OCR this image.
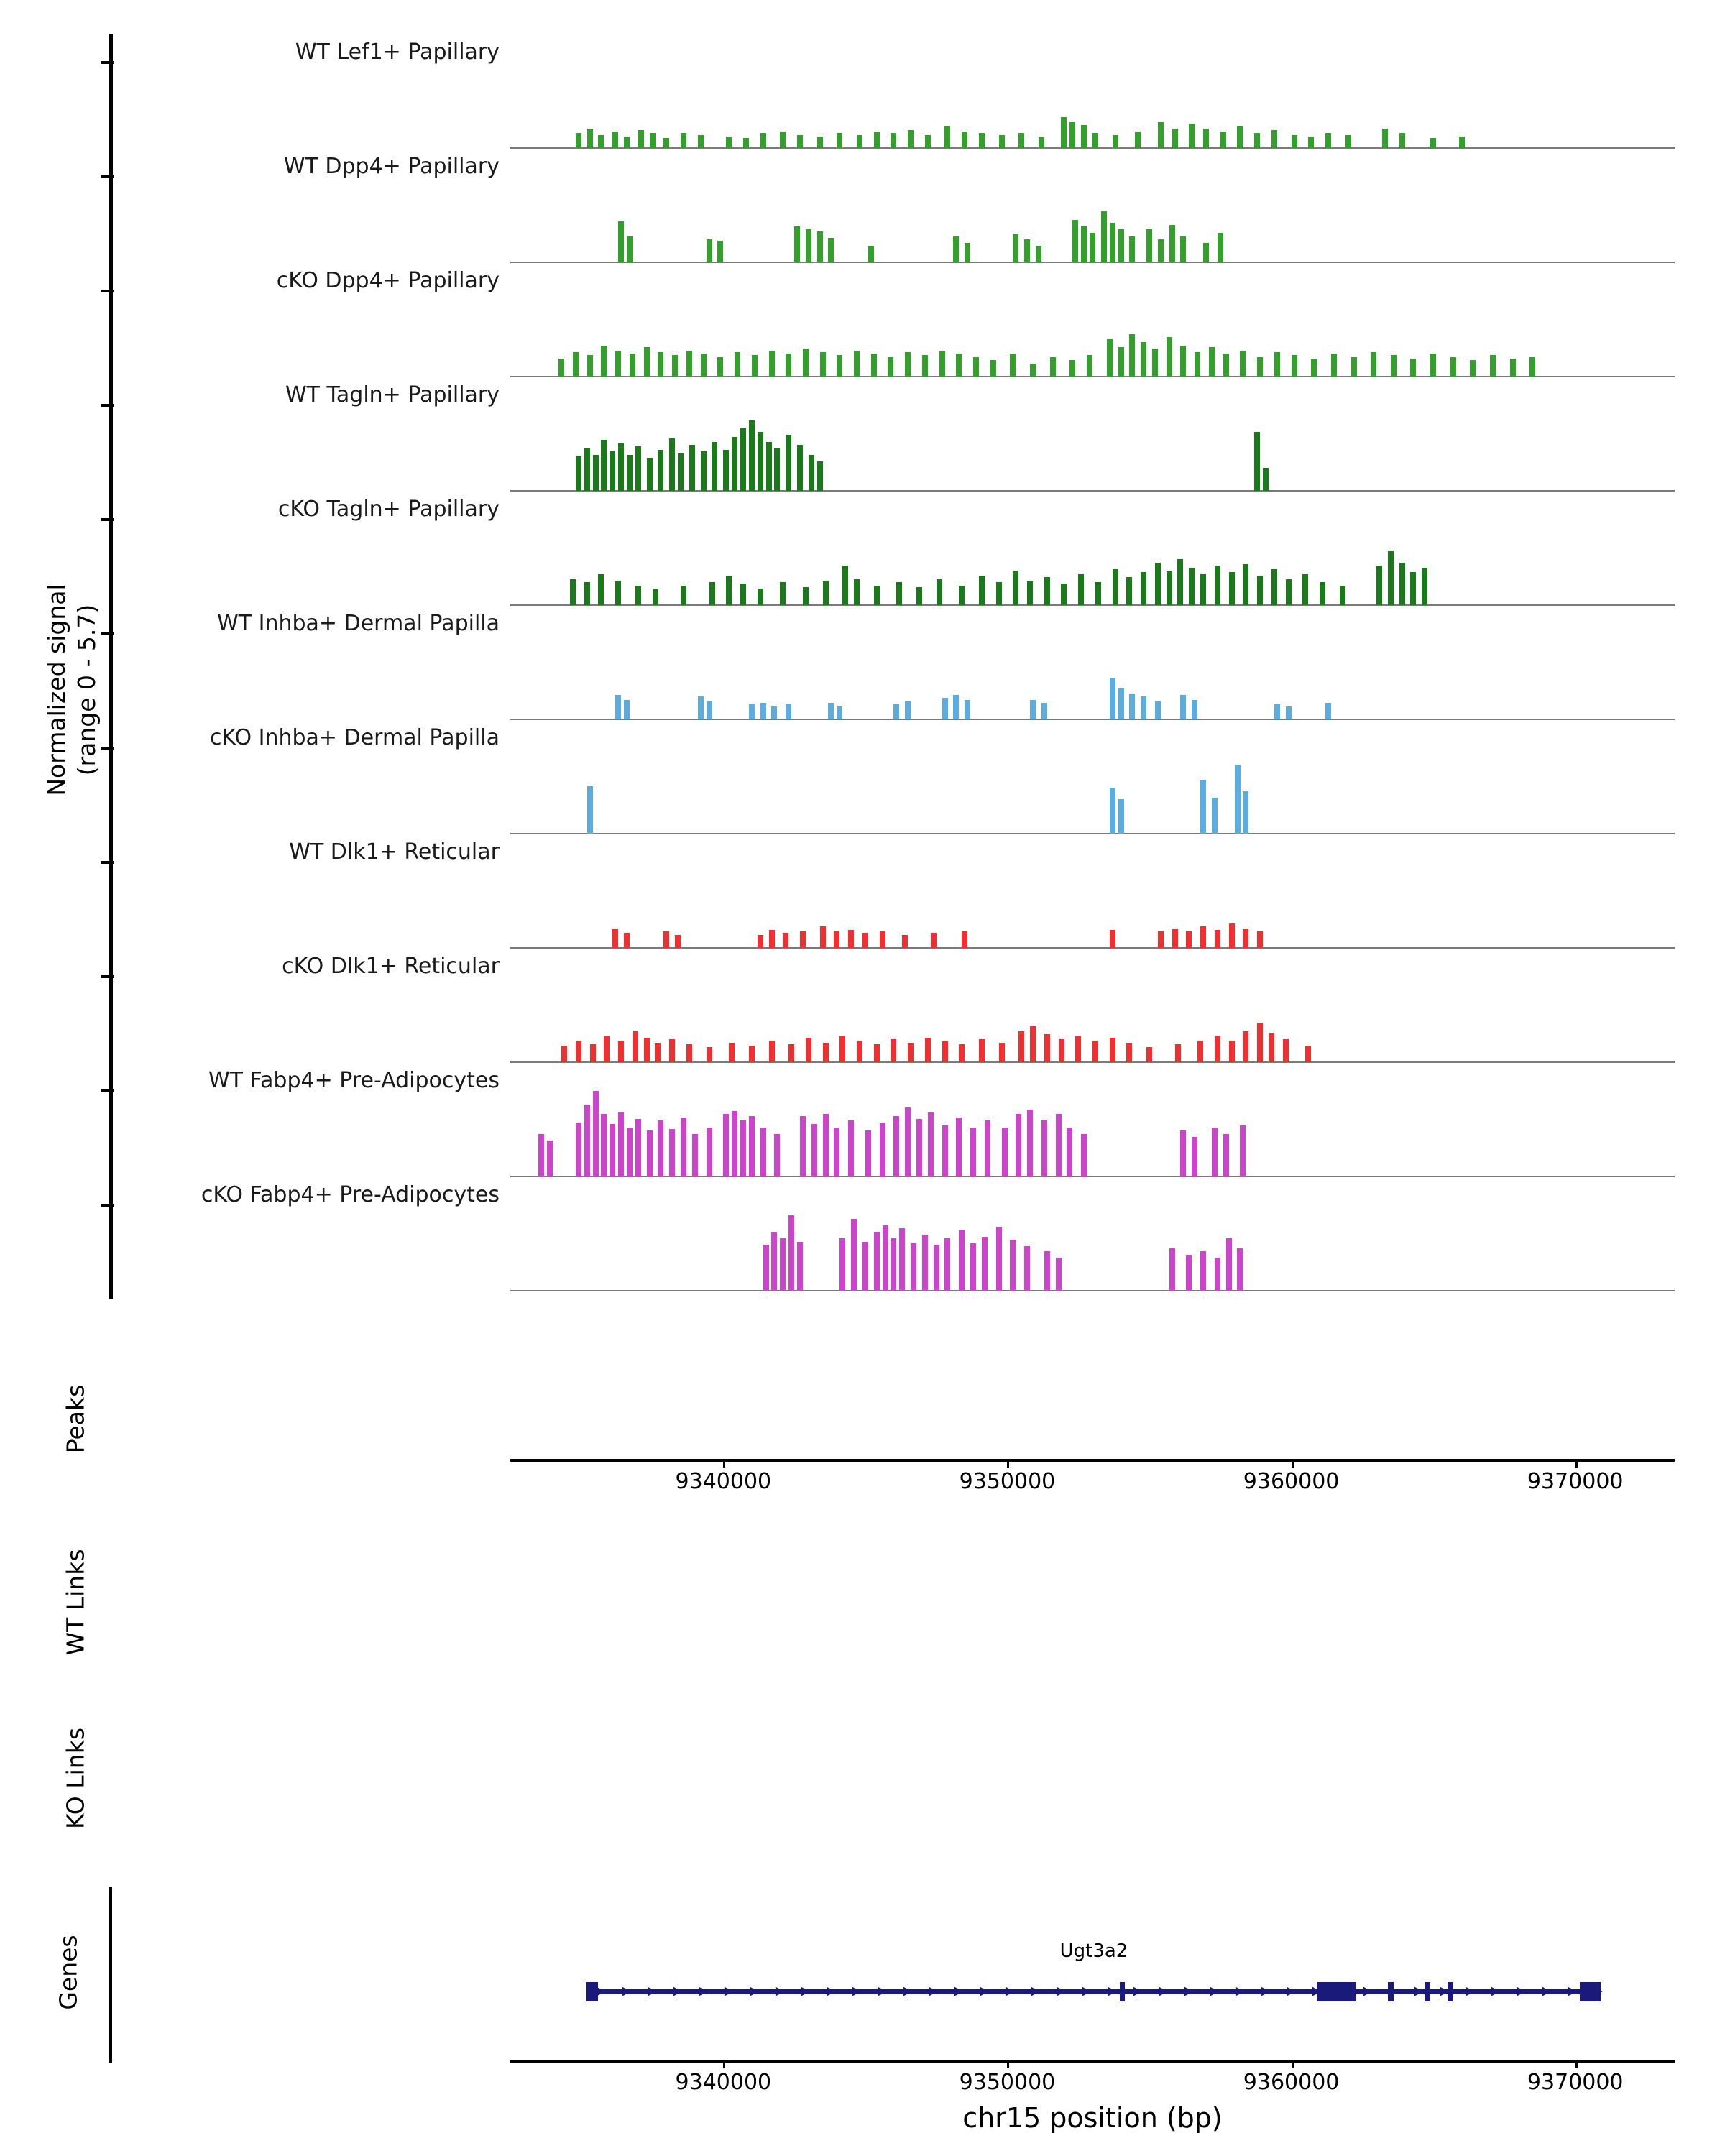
Normalized signal (range 0 - 5.7)
WT Lef1+ Papillary
WT Dpp4+ Papillary
cKO Dpp4+ Papillary
WT Tagln+ Papillary
cKO Tagln+ Papillary
WT Inhba+ Dermal Papilla
cKO Inhba+ Dermal Papilla
WT Dlk1+ Reticular
cKO Dlk1+ Reticular
WT Fabp4+ Pre-Adipocytes
cKO Fabp4+ Pre-Adipocytes
Peaks
9340000	9350000	9360000	9370000
WT Links
KO Links
Genes	Ugt3a2
▶ ▶ ▶ ▶ ▶ ▶ ▶ ▶ ▶ ▶ ▶ ▶ ▶ ▶ ▶ ▶ ▶ ▶ ▶ ▶ ▶ ▶ ▶ ▶ ▶ ▶ ▶ ▶ ▶ ▶ ▶ ▶ ▶ ▶ ▶ ▶ ▶ ▶ ▶ ▶
9340000	9350000	9360000	9370000
chr15 position (bp)
